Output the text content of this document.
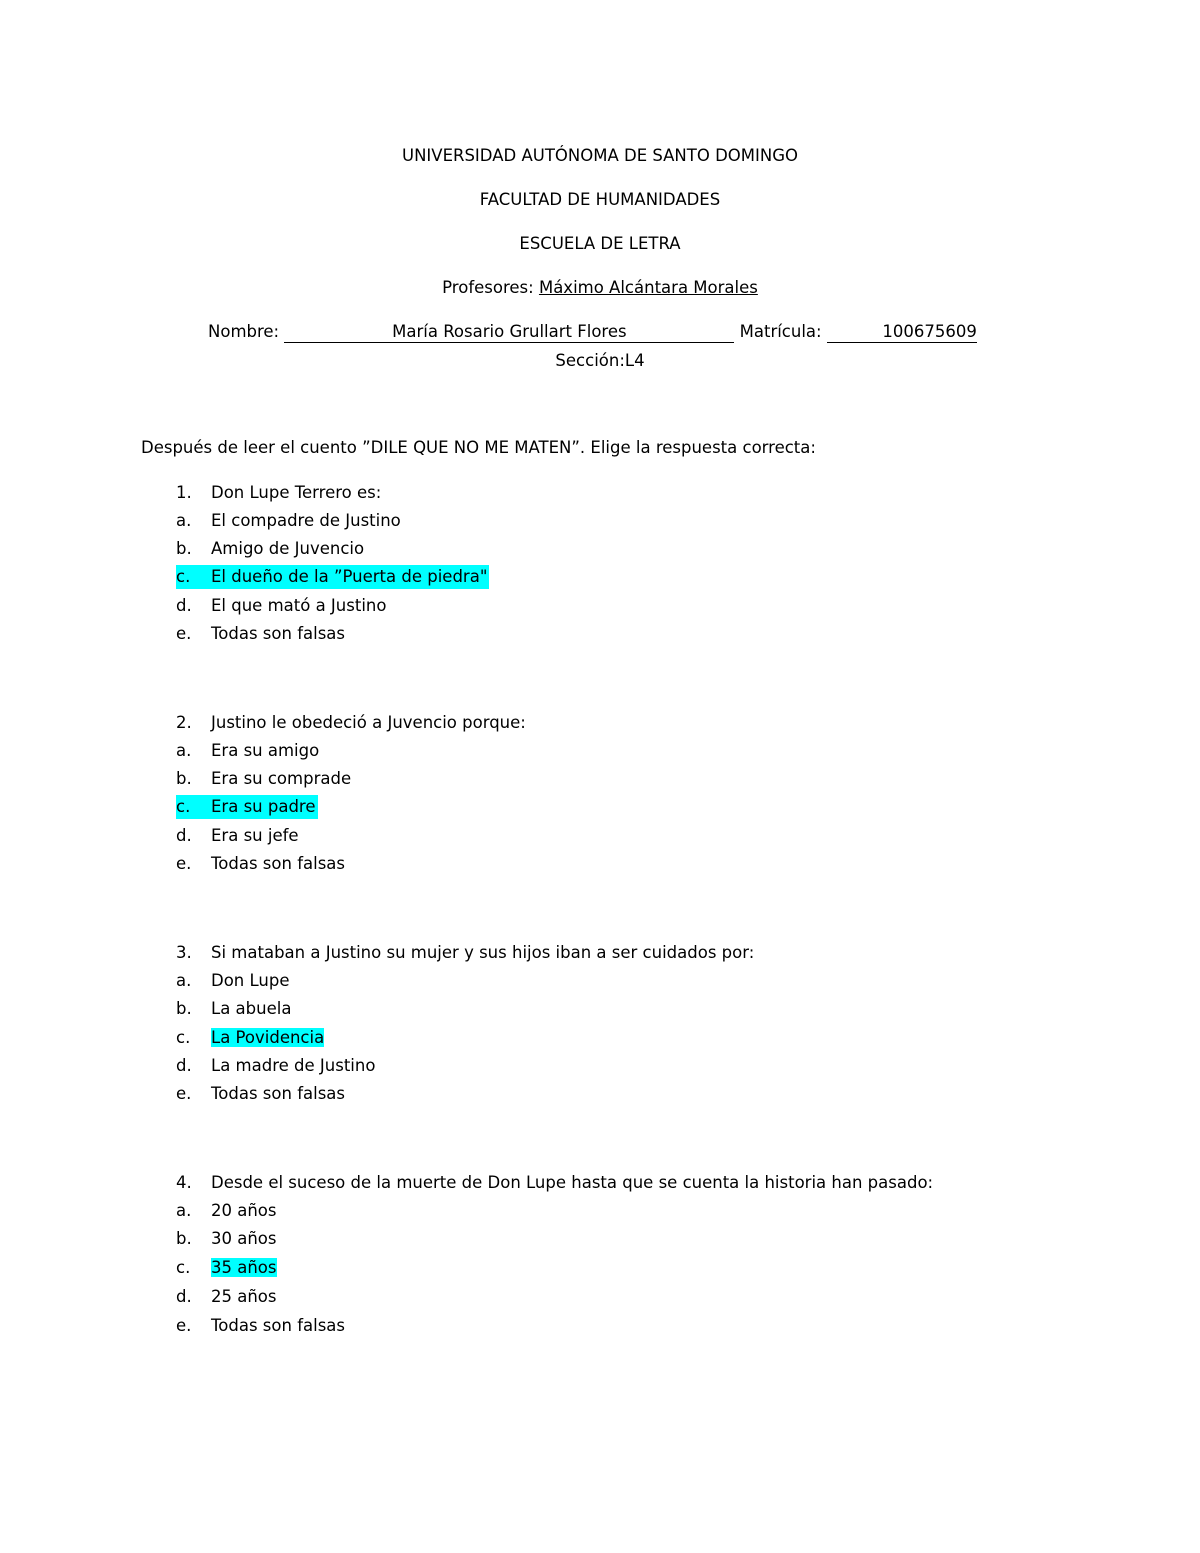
UNIVERSIDAD AUTÓNOMA DE SANTO DOMINGO
FACULTAD DE HUMANIDADES
ESCUELA DE LETRA
Profesores: Máximo Alcántara Morales
Nombre:	María Rosario Grullart Flores	Matrícula:	100675609
Sección:L4
Después de leer el cuento ”DILE QUE NO ME MATEN”. Elige la respuesta correcta:
1. Don Lupe Terrero es:
a. El compadre de Justino
b. Amigo de Juvencio
c. El dueño de la ”Puerta de piedra"
d. El que mató a Justino
e. Todas son falsas
2. Justino le obedeció a Juvencio porque:
a. Era su amigo
b. Era su comprade
c. Era su padre
d. Era su jefe
e. Todas son falsas
3. Si mataban a Justino su mujer y sus hijos iban a ser cuidados por:
a. Don Lupe
b. La abuela
c. La Povidencia
d. La madre de Justino
e. Todas son falsas
4. Desde el suceso de la muerte de Don Lupe hasta que se cuenta la historia han pasado:
a. 20 años
b. 30 años
c. 35 años
d. 25 años
e. Todas son falsas
